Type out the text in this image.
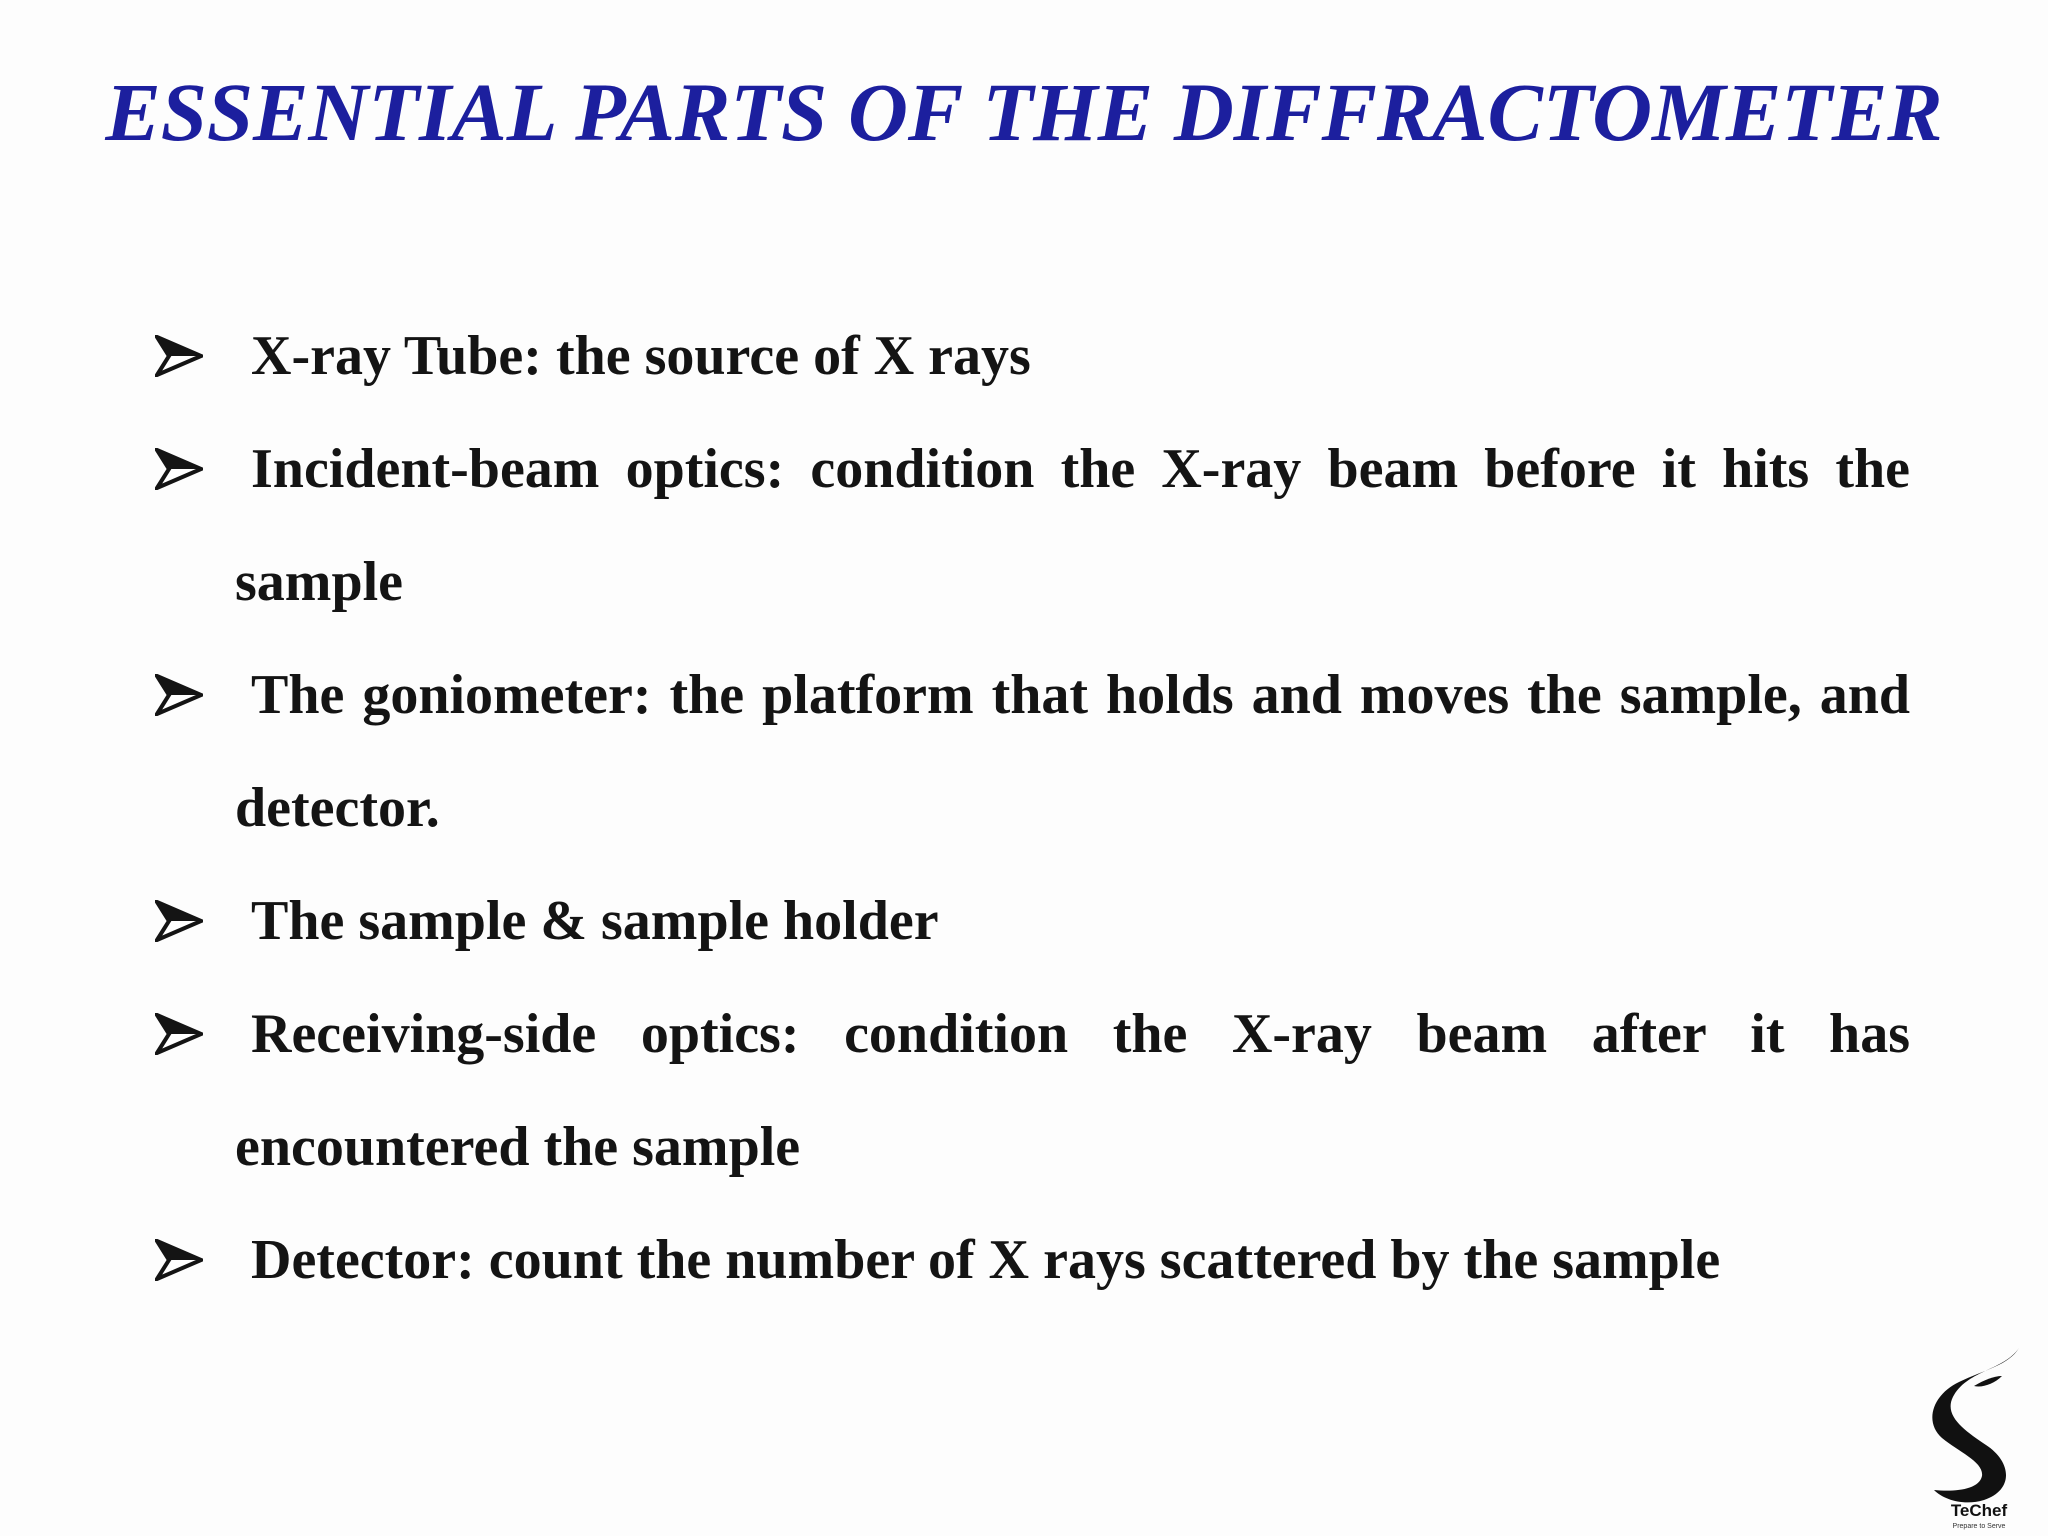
ESSENTIAL PARTS OF THE DIFFRACTOMETER
X-ray Tube: the source of X rays
Incident-beam optics: condition the X-ray beam before it hits the sample
The goniometer: the platform that holds and moves the sample, and detector.
The sample & sample holder
Receiving-side optics: condition the X-ray beam after it has encountered the sample
Detector: count the number of X rays scattered by the sample
TeChef
Prepare to Serve
